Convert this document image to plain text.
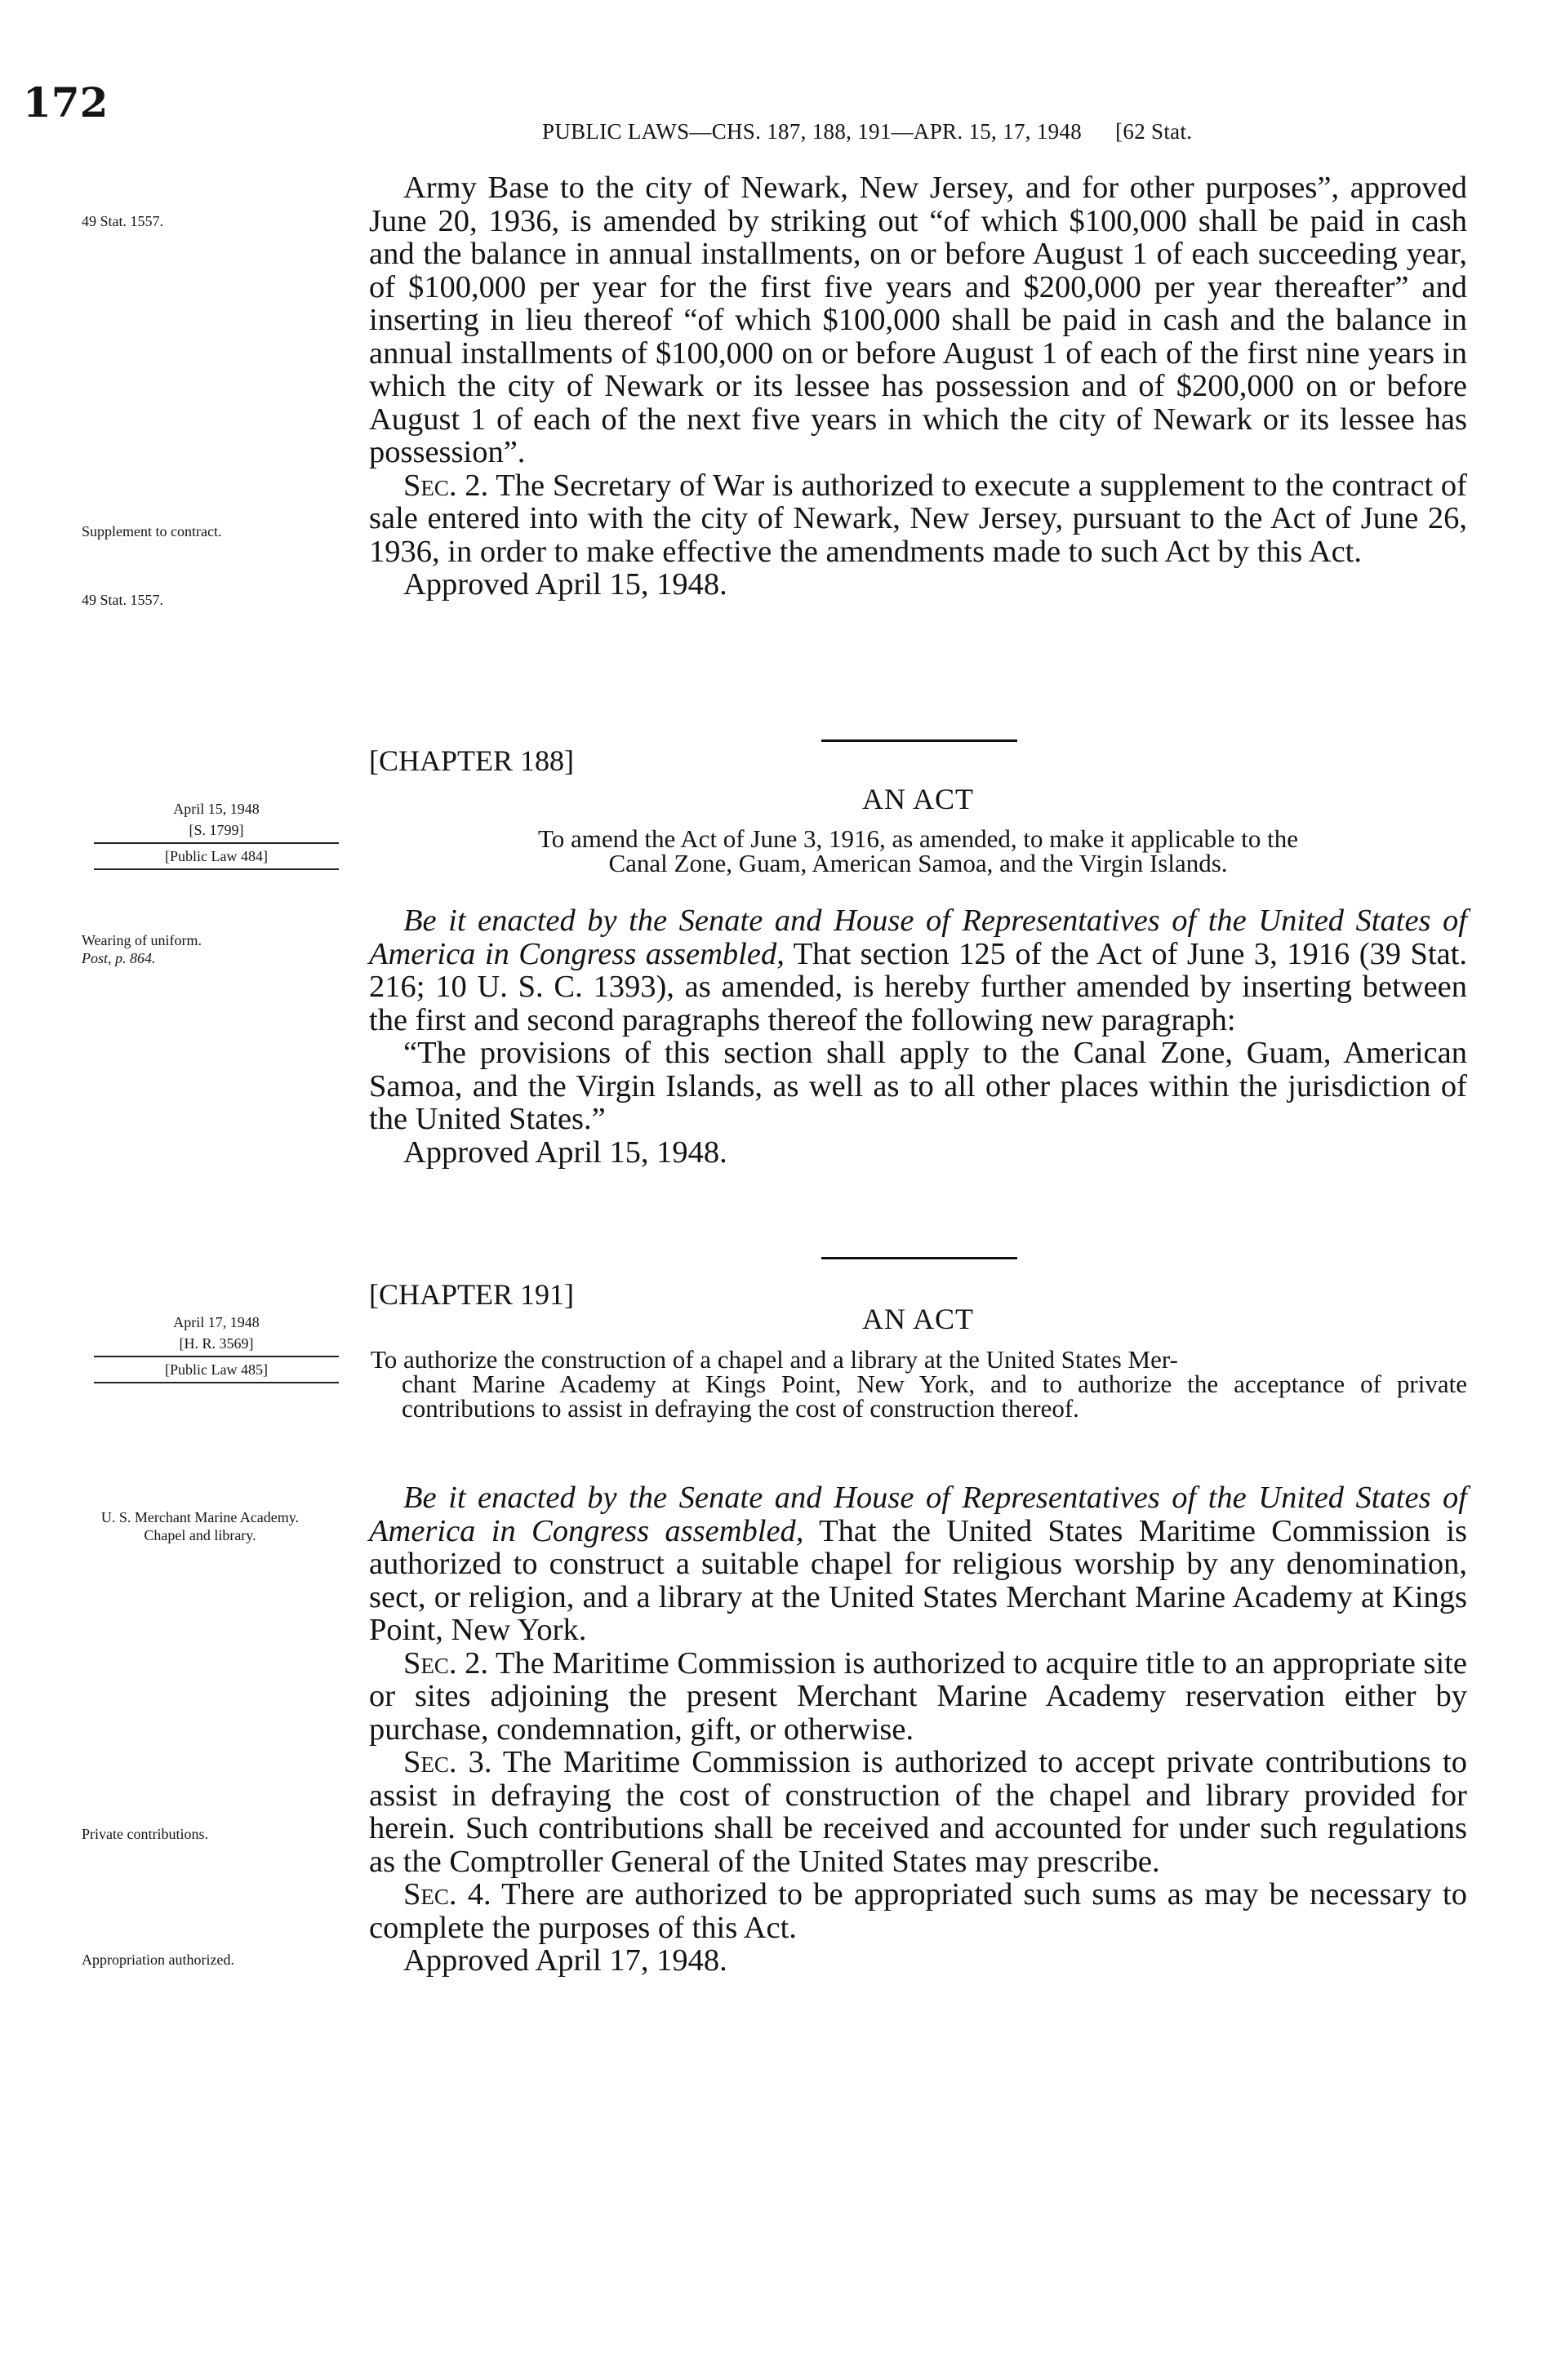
172
PUBLIC LAWS—CHS. 187, 188, 191—APR. 15, 17, 1948 [62 Stat.
49 Stat. 1557.
Supplement to contract.
49 Stat. 1557.

Army Base to the city of Newark, New Jersey, and for other purposes”, approved June 20, 1936, is amended by striking out “of which $100,000 shall be paid in cash and the balance in annual installments, on or before August 1 of each succeeding year, of $100,000 per year for the first five years and $200,000 per year thereafter” and inserting in lieu thereof “of which $100,000 shall be paid in cash and the balance in annual installments of $100,000 on or before August 1 of each of the first nine years in which the city of Newark or its lessee has possession and of $200,000 on or before August 1 of each of the next five years in which the city of Newark or its lessee has possession”.

Sec. 2. The Secretary of War is authorized to execute a supplement to the contract of sale entered into with the city of Newark, New Jersey, pursuant to the Act of June 26, 1936, in order to make effective the amendments made to such Act by this Act.

Approved April 15, 1948.

[CHAPTER 188]
AN ACT
April 15, 1948
[S. 1799]
[Public Law 484]
To amend the Act of June 3, 1916, as amended, to make it applicable to the
Canal Zone, Guam, American Samoa, and the Virgin Islands.
Wearing of uniform.
Post, p. 864.

Be it enacted by the Senate and House of Representatives of the United States of America in Congress assembled, That section 125 of the Act of June 3, 1916 (39 Stat. 216; 10 U. S. C. 1393), as amended, is hereby further amended by inserting between the first and second paragraphs thereof the following new paragraph:

“The provisions of this section shall apply to the Canal Zone, Guam, American Samoa, and the Virgin Islands, as well as to all other places within the jurisdiction of the United States.”

Approved April 15, 1948.

[CHAPTER 191]
AN ACT
April 17, 1948
[H. R. 3569]
[Public Law 485]	To authorize the construction of a chapel and a library at the United States Mer-
chant Marine Academy at Kings Point, New York, and to authorize the acceptance of private contributions to assist in defraying the cost of construction thereof.
U. S. Merchant Marine Academy. Chapel and library.
Private contributions.
Appropriation authorized.

Be it enacted by the Senate and House of Representatives of the United States of America in Congress assembled, That the United States Maritime Commission is authorized to construct a suitable chapel for religious worship by any denomination, sect, or religion, and a library at the United States Merchant Marine Academy at Kings Point, New York.

Sec. 2. The Maritime Commission is authorized to acquire title to an appropriate site or sites adjoining the present Merchant Marine Academy reservation either by purchase, condemnation, gift, or otherwise.

Sec. 3. The Maritime Commission is authorized to accept private contributions to assist in defraying the cost of construction of the chapel and library provided for herein. Such contributions shall be received and accounted for under such regulations as the Comptroller General of the United States may prescribe.

Sec. 4. There are authorized to be appropriated such sums as may be necessary to complete the purposes of this Act.

Approved April 17, 1948.
